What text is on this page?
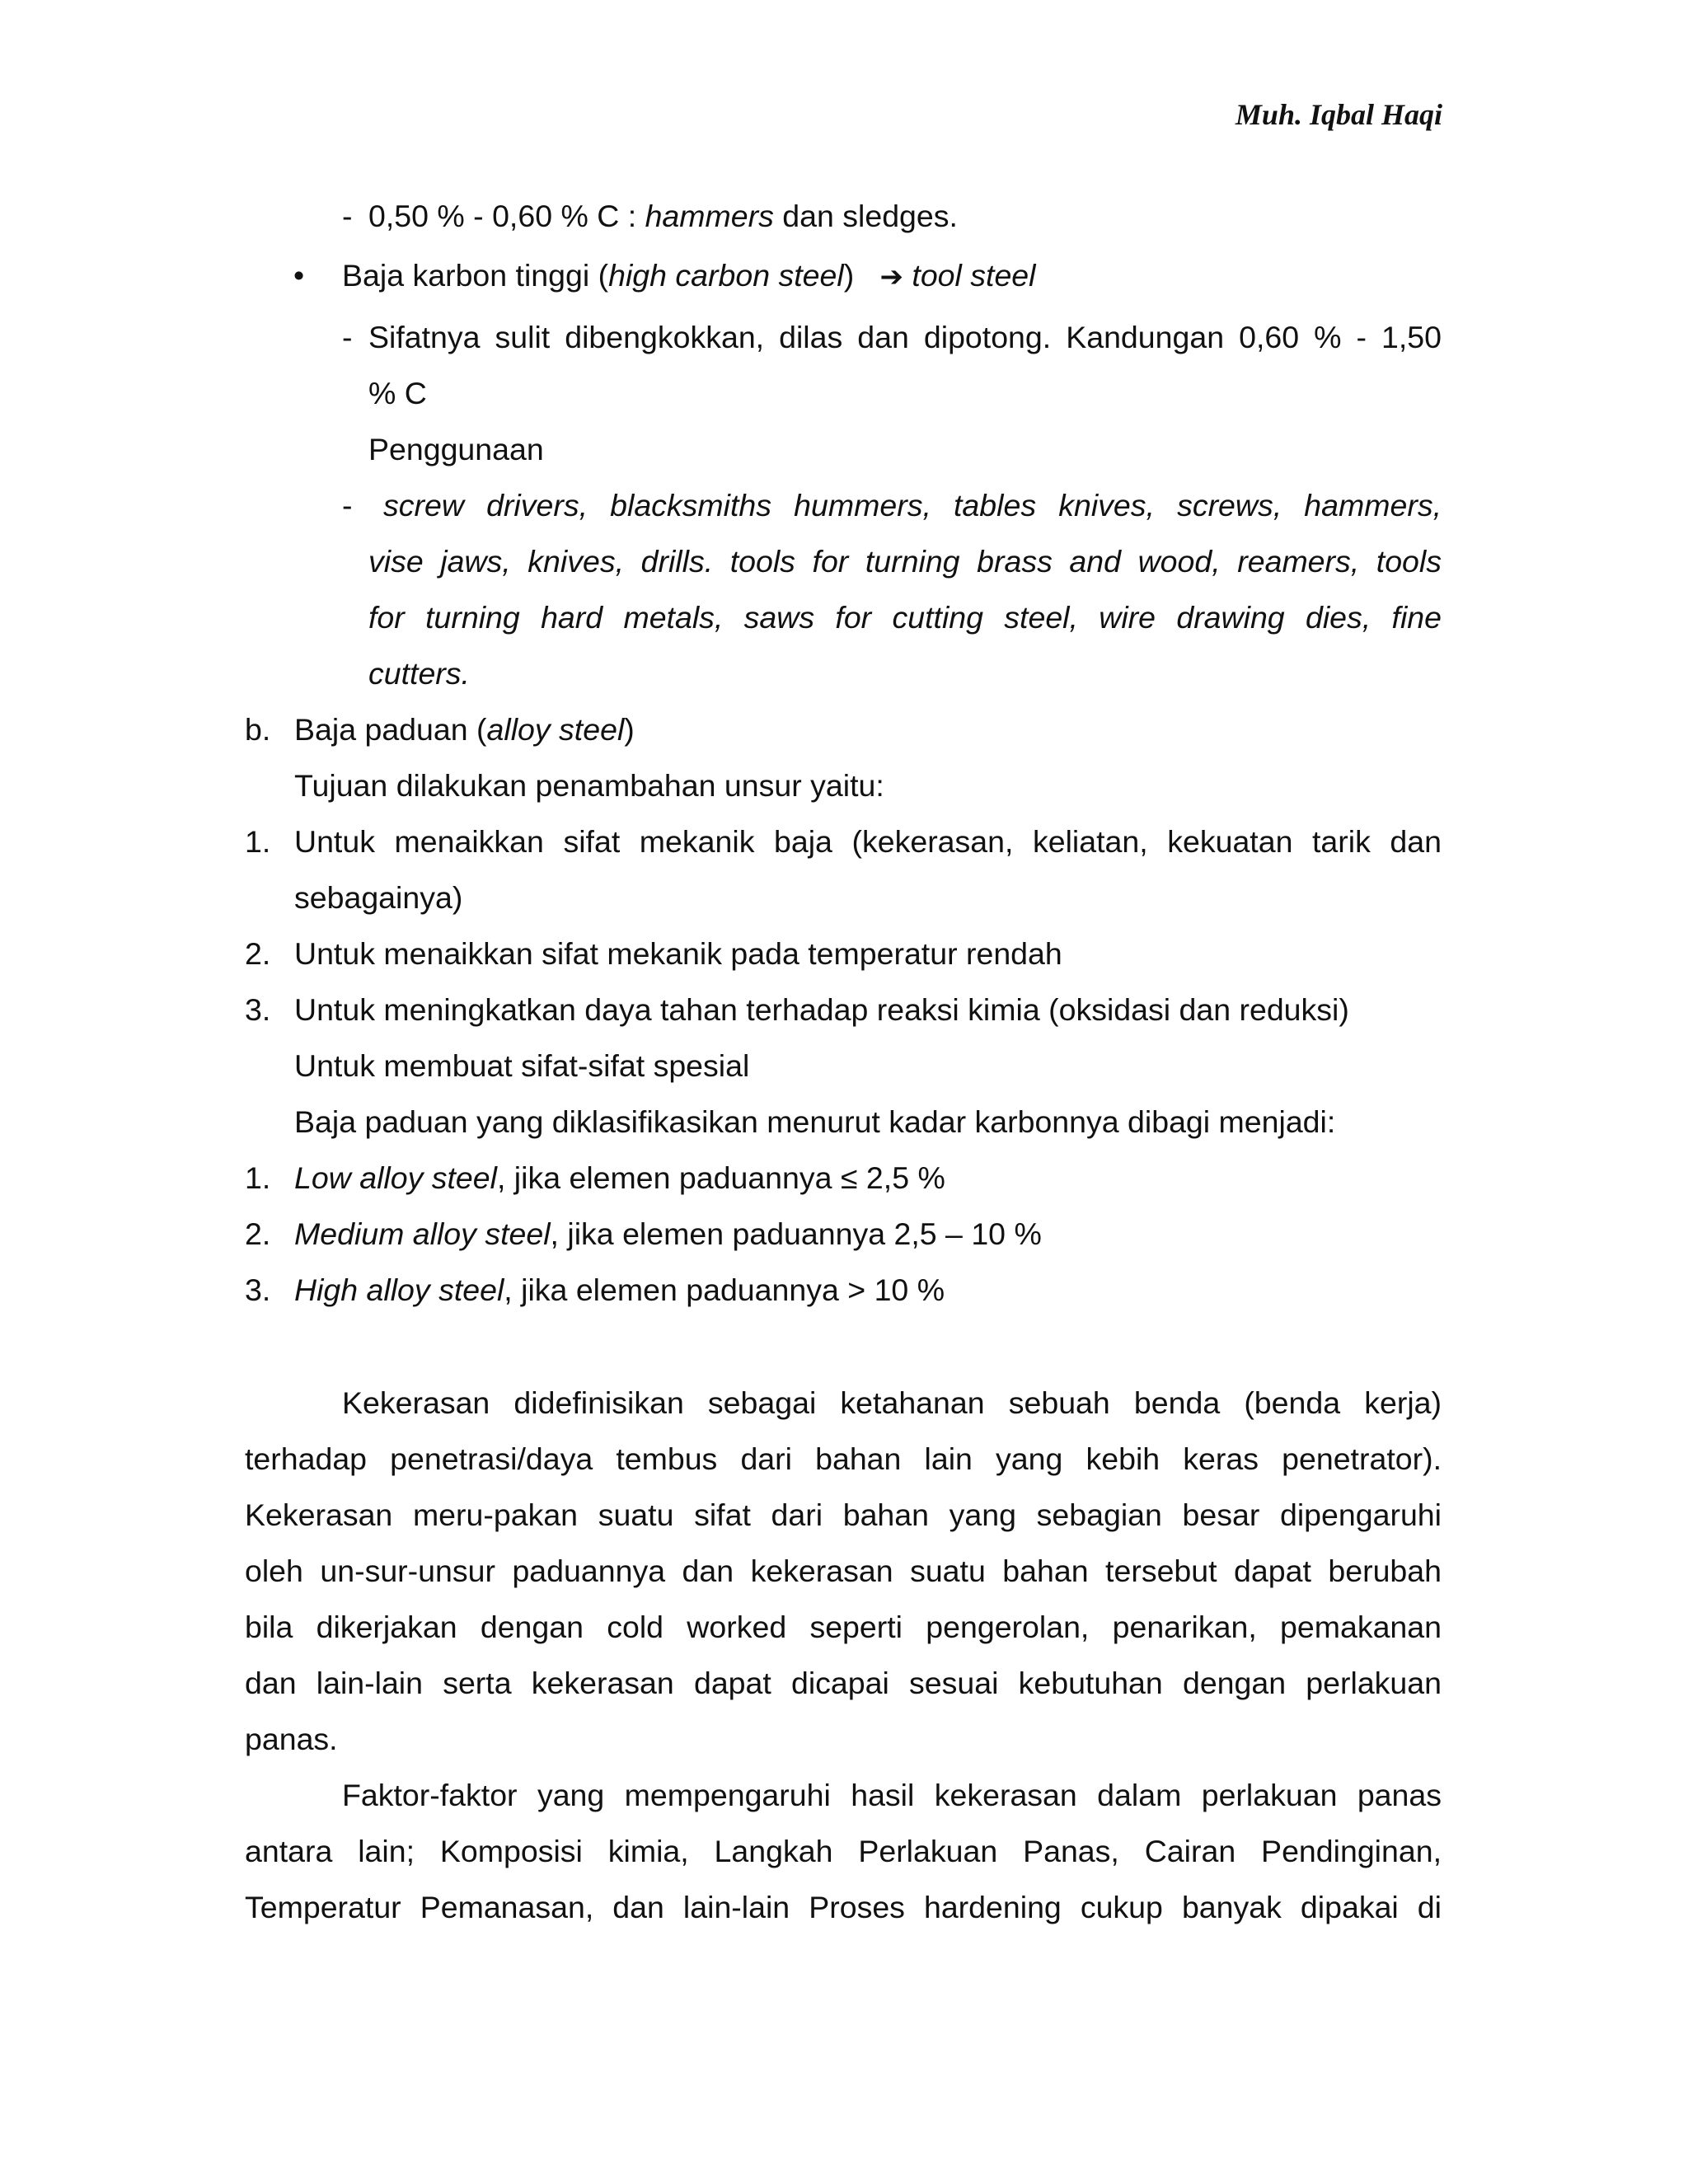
Muh. Iqbal Haqi
- 0,50 % - 0,60 % C : hammers dan sledges.
• Baja karbon tinggi (high carbon steel) ➔ tool steel
- Sifatnya sulit dibengkokkan, dilas dan dipotong. Kandungan 0,60 % - 1,50
% C
Penggunaan
- screw drivers, blacksmiths hummers, tables knives, screws, hammers,
vise jaws, knives, drills. tools for turning brass and wood, reamers, tools
for turning hard metals, saws for cutting steel, wire drawing dies, fine
cutters.
b. Baja paduan (alloy steel)
Tujuan dilakukan penambahan unsur yaitu:
1. Untuk menaikkan sifat mekanik baja (kekerasan, keliatan, kekuatan tarik dan
sebagainya)
2. Untuk menaikkan sifat mekanik pada temperatur rendah
3. Untuk meningkatkan daya tahan terhadap reaksi kimia (oksidasi dan reduksi)
Untuk membuat sifat-sifat spesial
Baja paduan yang diklasifikasikan menurut kadar karbonnya dibagi menjadi:
1. Low alloy steel, jika elemen paduannya ≤ 2,5 %
2. Medium alloy steel, jika elemen paduannya 2,5 – 10 %
3. High alloy steel, jika elemen paduannya > 10 %
Kekerasan didefinisikan sebagai ketahanan sebuah benda (benda kerja)
terhadap penetrasi/daya tembus dari bahan lain yang kebih keras penetrator).
Kekerasan meru-pakan suatu sifat dari bahan yang sebagian besar dipengaruhi
oleh un-sur-unsur paduannya dan kekerasan suatu bahan tersebut dapat berubah
bila dikerjakan dengan cold worked seperti pengerolan, penarikan, pemakanan
dan lain-lain serta kekerasan dapat dicapai sesuai kebutuhan dengan perlakuan
panas.
Faktor-faktor yang mempengaruhi hasil kekerasan dalam perlakuan panas
antara lain; Komposisi kimia, Langkah Perlakuan Panas, Cairan Pendinginan,
Temperatur Pemanasan, dan lain-lain Proses hardening cukup banyak dipakai di
